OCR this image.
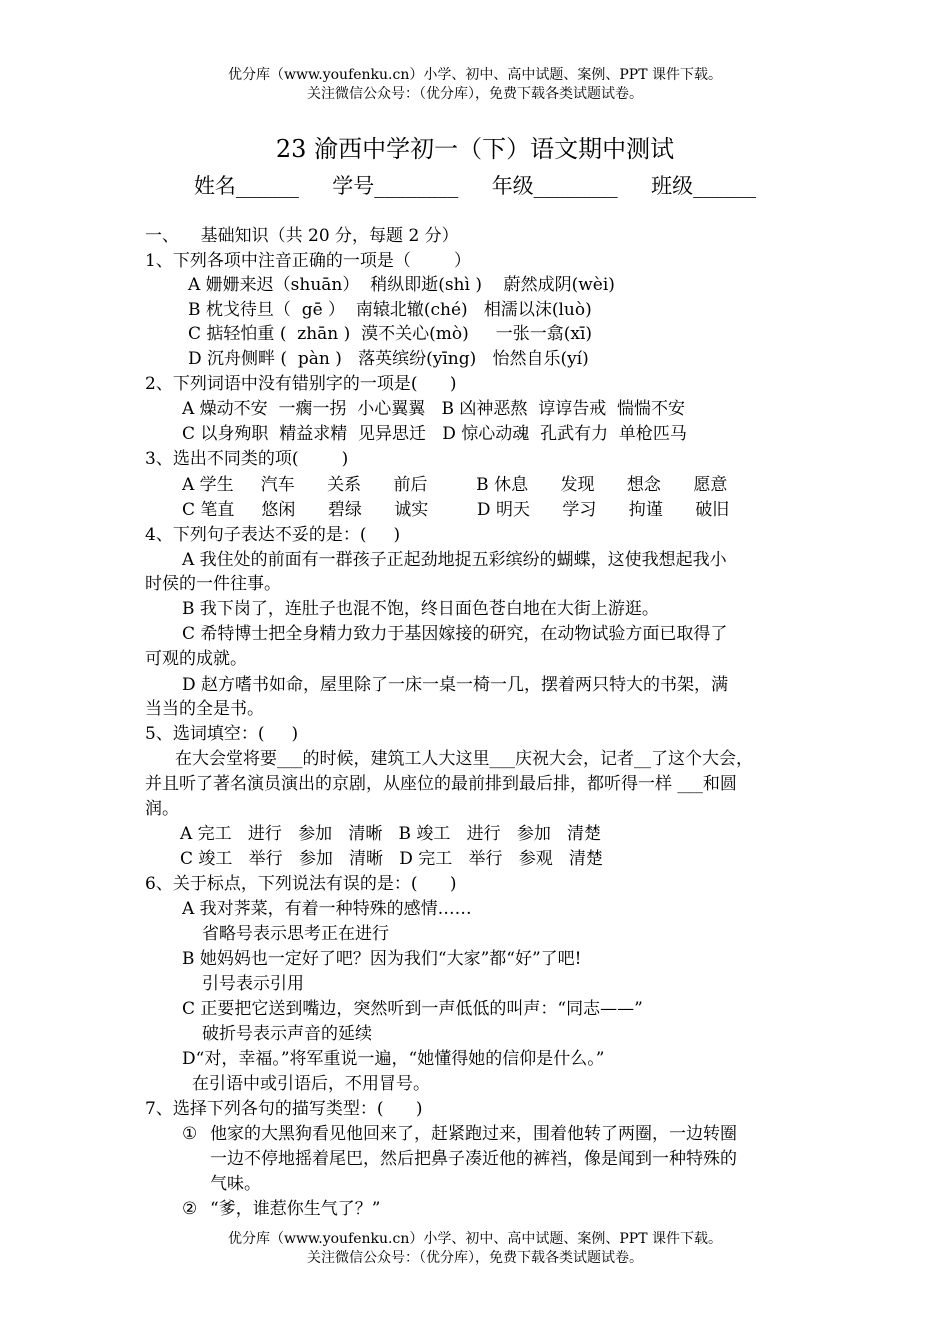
优分库（www.youfenku.cn）小学、初中、高中试题、案例、PPT 课件下载。
关注微信公众号：（优分库），免费下载各类试题试卷。
23 渝西中学初一（下）语文期中测试
姓名______ 学号________ 年级________ 班级______
一、    基础知识（共 20 分，每题 2 分）
1、下列各项中注音正确的一项是（        ）
A 姗姗来迟（shuān）  稍纵即逝(shì )    蔚然成阴(wèi)
B 枕戈待旦（  gē ）  南辕北辙(ché)   相濡以沫(luò)
C 掂轻怕重 (  zhān )  漠不关心(mò)     一张一翕(xī)
D 沉舟侧畔 (  pàn )   落英缤纷(yīng)   怡然自乐(yí)
2、下列词语中没有错别字的一项是(      )
A 燥动不安  一瘸一拐  小心翼翼   B 凶神恶熬  谆谆告戒  惴惴不安
C 以身殉职  精益求精  见异思迁   D 惊心动魂  孔武有力  单枪匹马
3、选出不同类的项(        )
A 学生     汽车      关系      前后         B 休息      发现      想念      愿意
C 笔直     悠闲      碧绿      诚实         D 明天      学习      拘谨      破旧
4、下列句子表达不妥的是：(     )
A 我住处的前面有一群孩子正起劲地捉五彩缤纷的蝴蝶，这使我想起我小
时侯的一件往事。
B 我下岗了，连肚子也混不饱，终日面色苍白地在大街上游逛。
C 希特博士把全身精力致力于基因嫁接的研究，在动物试验方面已取得了
可观的成就。
D 赵方嗜书如命，屋里除了一床一桌一椅一几，摆着两只特大的书架，满
当当的全是书。
5、选词填空：(     )
在大会堂将要___的时候，建筑工人大这里___庆祝大会，记者__了这个大会，
并且听了著名演员演出的京剧，从座位的最前排到最后排，都听得一样 ___和圆
润。
A 完工   进行   参加   清晰   B 竣工   进行   参加   清楚
C 竣工   举行   参加   清晰   D 完工   举行   参观   清楚
6、关于标点，下列说法有误的是：(      )
A 我对荠菜，有着一种特殊的感情……
省略号表示思考正在进行
B 她妈妈也一定好了吧？因为我们“大家”都“好”了吧!
引号表示引用
C 正要把它送到嘴边，突然听到一声低低的叫声：“同志——”
破折号表示声音的延续
D“对，幸福。”将军重说一遍，“她懂得她的信仰是什么。”
在引语中或引语后，不用冒号。
7、选择下列各句的描写类型：(      )
① 他家的大黑狗看见他回来了，赶紧跑过来，围着他转了两圈，一边转圈
一边不停地摇着尾巴，然后把鼻子凑近他的裤裆，像是闻到一种特殊的
气味。
② “爹，谁惹你生气了？”
优分库（www.youfenku.cn）小学、初中、高中试题、案例、PPT 课件下载。
关注微信公众号：（优分库），免费下载各类试题试卷。
